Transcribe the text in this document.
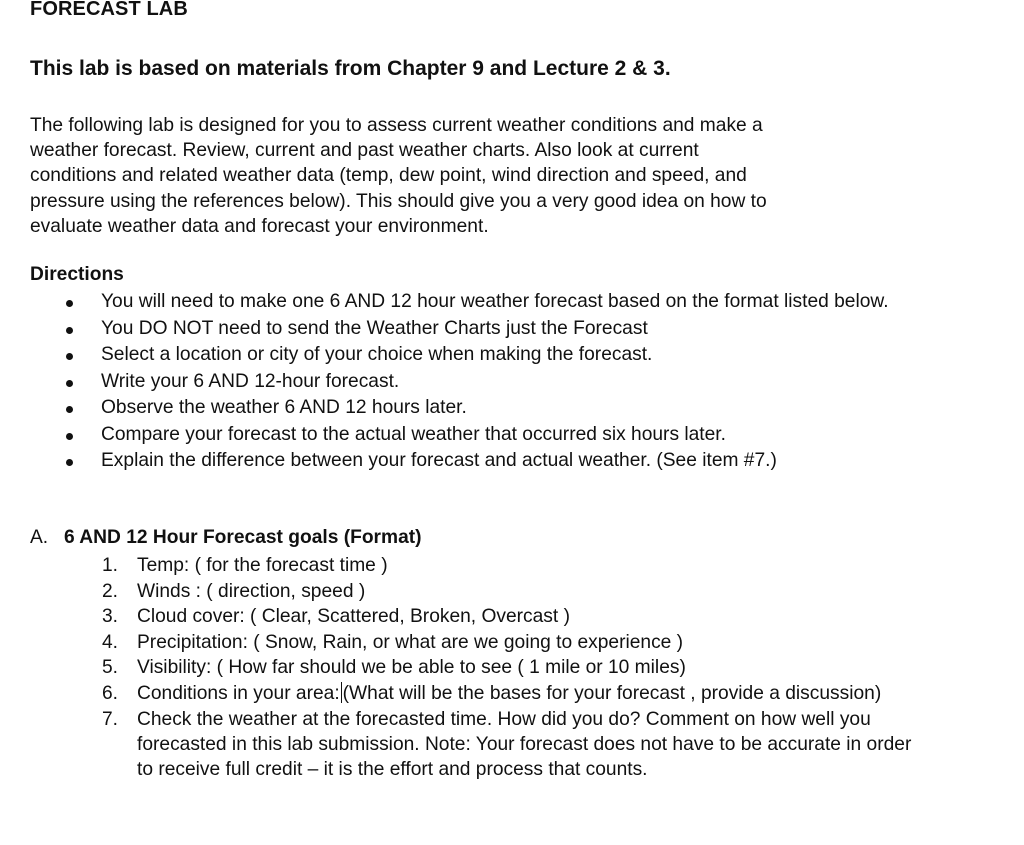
FORECAST LAB
This lab is based on materials from Chapter 9 and Lecture 2 & 3.
The following lab is designed for you to assess current weather conditions and make a
weather forecast. Review, current and past weather charts. Also look at current
conditions and related weather data (temp, dew point, wind direction and speed, and
pressure using the references below). This should give you a very good idea on how to
evaluate weather data and forecast your environment.
Directions
You will need to make one 6 AND 12 hour weather forecast based on the format listed below.
You DO NOT need to send the Weather Charts just the Forecast
Select a location or city of your choice when making the forecast.
Write your 6 AND 12-hour forecast.
Observe the weather 6 AND 12 hours later.
Compare your forecast to the actual weather that occurred six hours later.
Explain the difference between your forecast and actual weather. (See item #7.)
A. 6 AND 12 Hour Forecast goals (Format)
1. Temp: ( for the forecast time )
2. Winds : ( direction, speed )
3. Cloud cover: ( Clear, Scattered, Broken, Overcast )
4. Precipitation: ( Snow, Rain, or what are we going to experience )
5. Visibility: ( How far should we be able to see ( 1 mile or 10 miles)
6. Conditions in your area: (What will be the bases for your forecast , provide a discussion)
7. Check the weather at the forecasted time. How did you do? Comment on how well you forecasted in this lab submission. Note: Your forecast does not have to be accurate in order to receive full credit – it is the effort and process that counts.
